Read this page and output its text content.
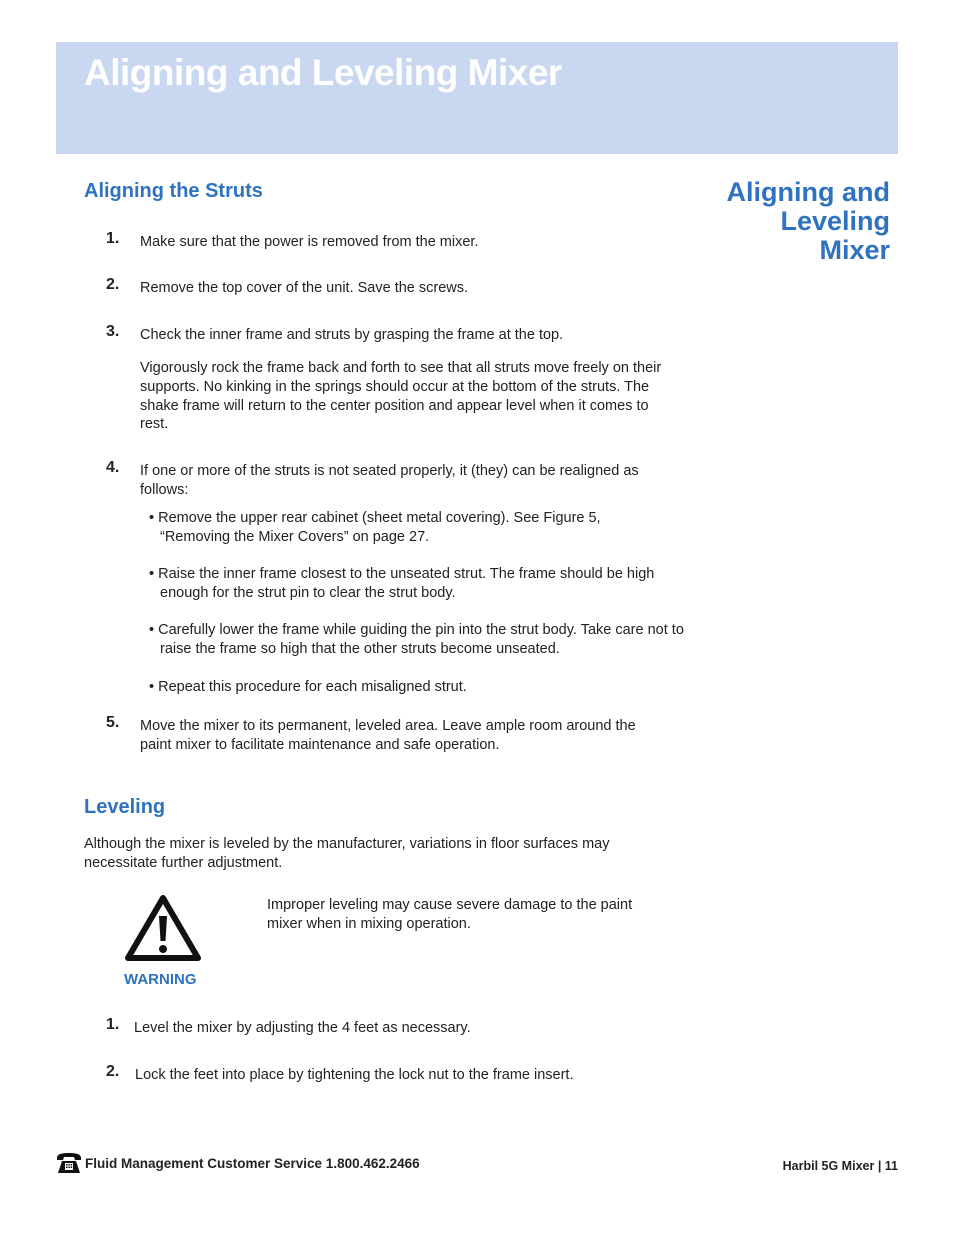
Aligning and Leveling Mixer
Aligning and
Leveling
Mixer
Aligning the Struts
1. Make sure that the power is removed from the mixer.
2. Remove the top cover of the unit. Save the screws.
3. Check the inner frame and struts by grasping the frame at the top.
Vigorously rock the frame back and forth to see that all struts move freely on their supports. No kinking in the springs should occur at the bottom of the struts. The shake frame will return to the center position and appear level when it comes to rest.
4. If one or more of the struts is not seated properly, it (they) can be realigned as follows:
• Remove the upper rear cabinet (sheet metal covering). See Figure 5, “Removing the Mixer Covers” on page 27.
• Raise the inner frame closest to the unseated strut. The frame should be high enough for the strut pin to clear the strut body.
• Carefully lower the frame while guiding the pin into the strut body. Take care not to raise the frame so high that the other struts become unseated.
• Repeat this procedure for each misaligned strut.
5. Move the mixer to its permanent, leveled area. Leave ample room around the paint mixer to facilitate maintenance and safe operation.
Leveling
Although the mixer is leveled by the manufacturer, variations in floor surfaces may necessitate further adjustment.
WARNING
Improper leveling may cause severe damage to the paint mixer when in mixing operation.
1. Level the mixer by adjusting the 4 feet as necessary.
2. Lock the feet into place by tightening the lock nut to the frame insert.
Fluid Management Customer Service 1.800.462.2466	Harbil 5G Mixer | 11
